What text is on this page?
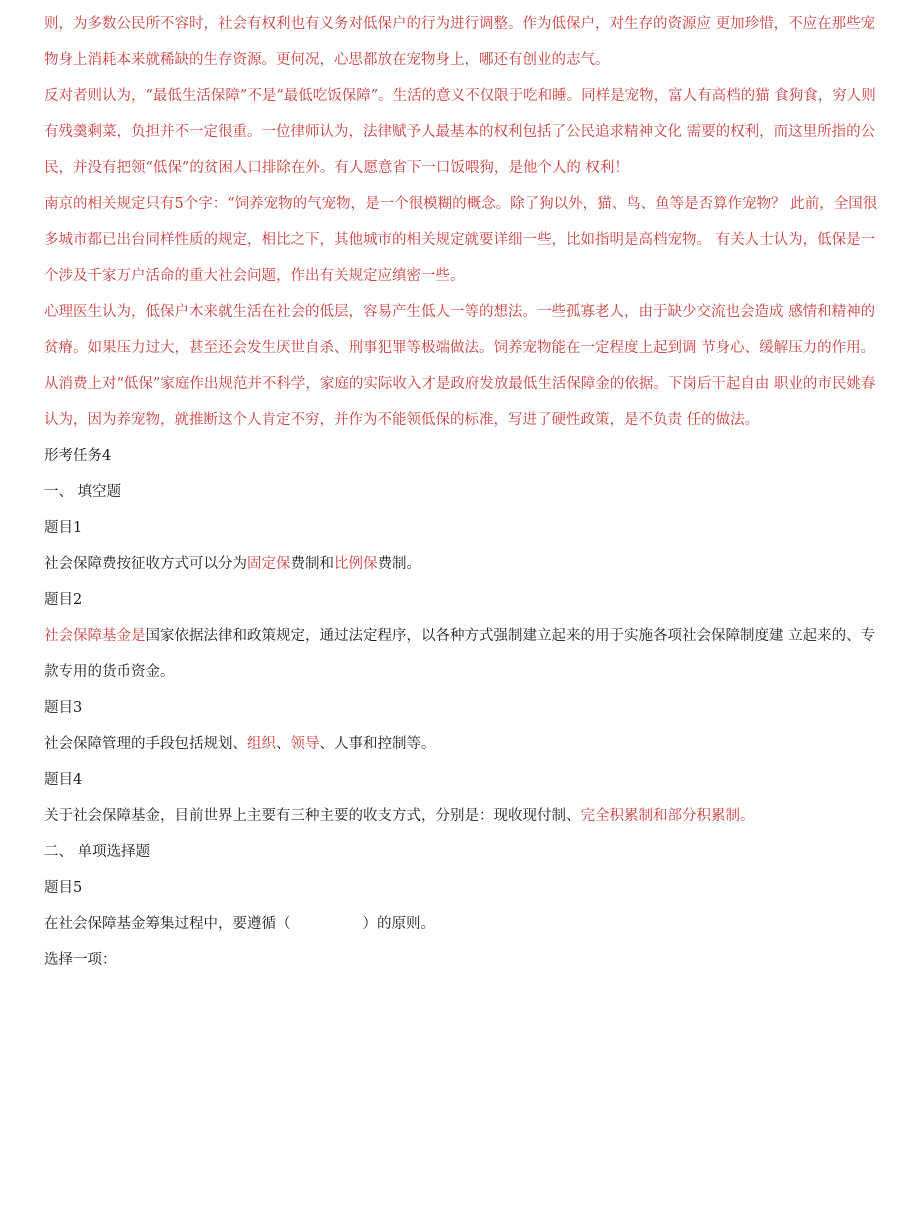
则，为多数公民所不容时，社会有权利也有义务对低保户的行为进行调整。作为低保户，对生存的资源应 更加珍惜，不应在那些宠物身上消耗本来就稀缺的生存资源。更何况，心思都放在宠物身上，哪还有创业的志气。

反对者则认为，“最低生活保障”不是“最低吃饭保障”。生活的意义不仅限于吃和睡。同样是宠物，富人有高档的猫 食狗食，穷人则有残羹剩菜，负担并不一定很重。一位律师认为，法律赋予人最基本的权利包括了公民追求精神文化 需要的权利，而这里所指的公民，并没有把领“低保”的贫困人口排除在外。有人愿意省下一口饭喂狗，是他个人的 权利！

南京的相关规定只有5个字：“饲养宠物的气宠物，是一个很模糊的概念。除了狗以外，猫、鸟、鱼等是否算作宠物？ 此前，全国很多城市都已出台同样性质的规定，相比之下，其他城市的相关规定就要详细一些，比如指明是高档宠物。 有关人士认为，低保是一个涉及千家万户活命的重大社会问题，作出有关规定应缜密一些。

心理医生认为，低保户木来就生活在社会的低层，容易产生低人一等的想法。一些孤寡老人，由于缺少交流也会造成 感情和精神的贫瘠。如果压力过大，甚至还会发生厌世自杀、刑事犯罪等极端做法。饲养宠物能在一定程度上起到调 节身心、缓解压力的作用。

从消费上对“低保”家庭作出规范并不科学，家庭的实际收入才是政府发放最低生活保障金的依据。下岗后干起自由 职业的市民姚春认为，因为养宠物，就推断这个人肯定不穷，并作为不能领低保的标准，写进了硬性政策，是不负责 任的做法。

形考任务4

一、 填空题

题目1

社会保障费按征收方式可以分为固定保费制和比例保费制。

题目2

社会保障基金是国家依据法律和政策规定，通过法定程序，以各种方式强制建立起来的用于实施各项社会保障制度建 立起来的、专款专用的货币资金。

题目3

社会保障管理的手段包括规划、组织、领导、人事和控制等。

题目4

关于社会保障基金，目前世界上主要有三种主要的收支方式，分别是：现收现付制、完全积累制和部分积累制。

二、 单项选择题

题目5

在社会保障基金筹集过程中，要遵循（	）的原则。

选择一项：
